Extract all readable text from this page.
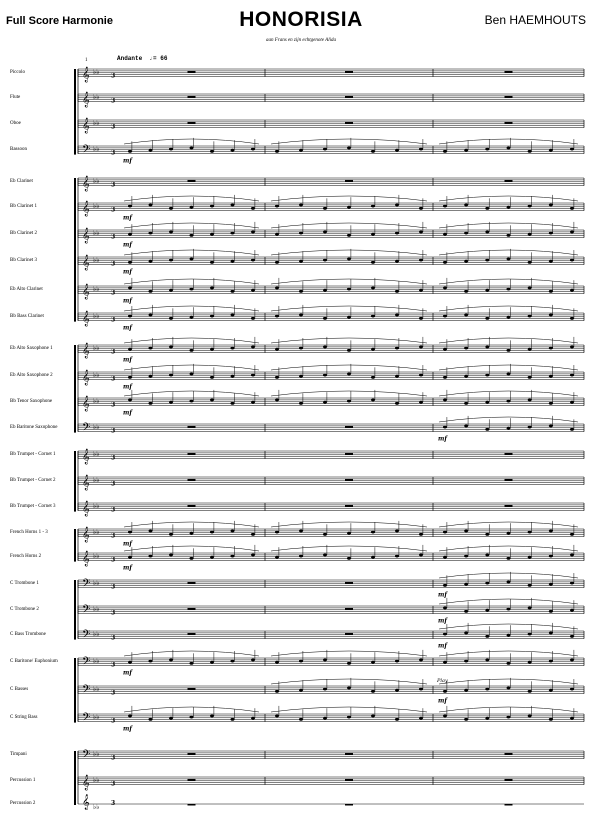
Full Score Harmonie	HONORISIA
aan Frans en zijn echtgenote Alida
Ben HAEMHOUTS
Andante ♩= 66
1
Piccolo
Flute
Oboe
Bassoon
Eb Clarinet
Bb Clarinet 1
Bb Clarinet 2
Bb Clarinet 3
Eb Alto Clarinet
Bb Bass Clarinet
Eb Alto Saxophone 1
Eb Alto Saxophone 2
Bb Tenor Saxophone
Eb Baritone Saxophone
Bb Trumpet - Cornet 1
Bb Trumpet - Cornet 2
Bb Trumpet - Cornet 3
French Horns 1 - 3
French Horns 2
C Trombone 1
C Trombone 2
C Bass Trombone
C Baritone/ Euphonium
C Basses
C String Bass
Timpani
Percussion 1
Percussion 2
𝄞 ♭♭
3
𝄞 ♭♭
3
𝄞 ♭♭
3
𝄢 ♭♭
3
mf
𝄞 ♭♭
3
𝄞 ♭♭
3
mf
𝄞 ♭♭
3
mf
𝄞 ♭♭
3
mf
𝄞 ♭♭
3
mf
𝄞 ♭♭
3
mf
𝄞 ♭♭
3
mf
𝄞 ♭♭
3
mf
𝄞 ♭♭
3
mf
𝄢 ♭♭
3
mf
𝄞 ♭♭
3
𝄞 ♭♭
3
𝄞 ♭♭
3
𝄞 ♭♭
3
mf
𝄞 ♭♭
3
mf
𝄢 ♭♭
3
mf
𝄢 ♭♭
3
mf
𝄢 ♭♭
3
mf
𝄢 ♭♭
3
mf
𝄢 ♭♭
3
mf
𝄢 ♭♭
3
mf
𝄢 ♭♭
3
𝄞 ♭♭
3
𝄞 ♭♭ 3
Play
